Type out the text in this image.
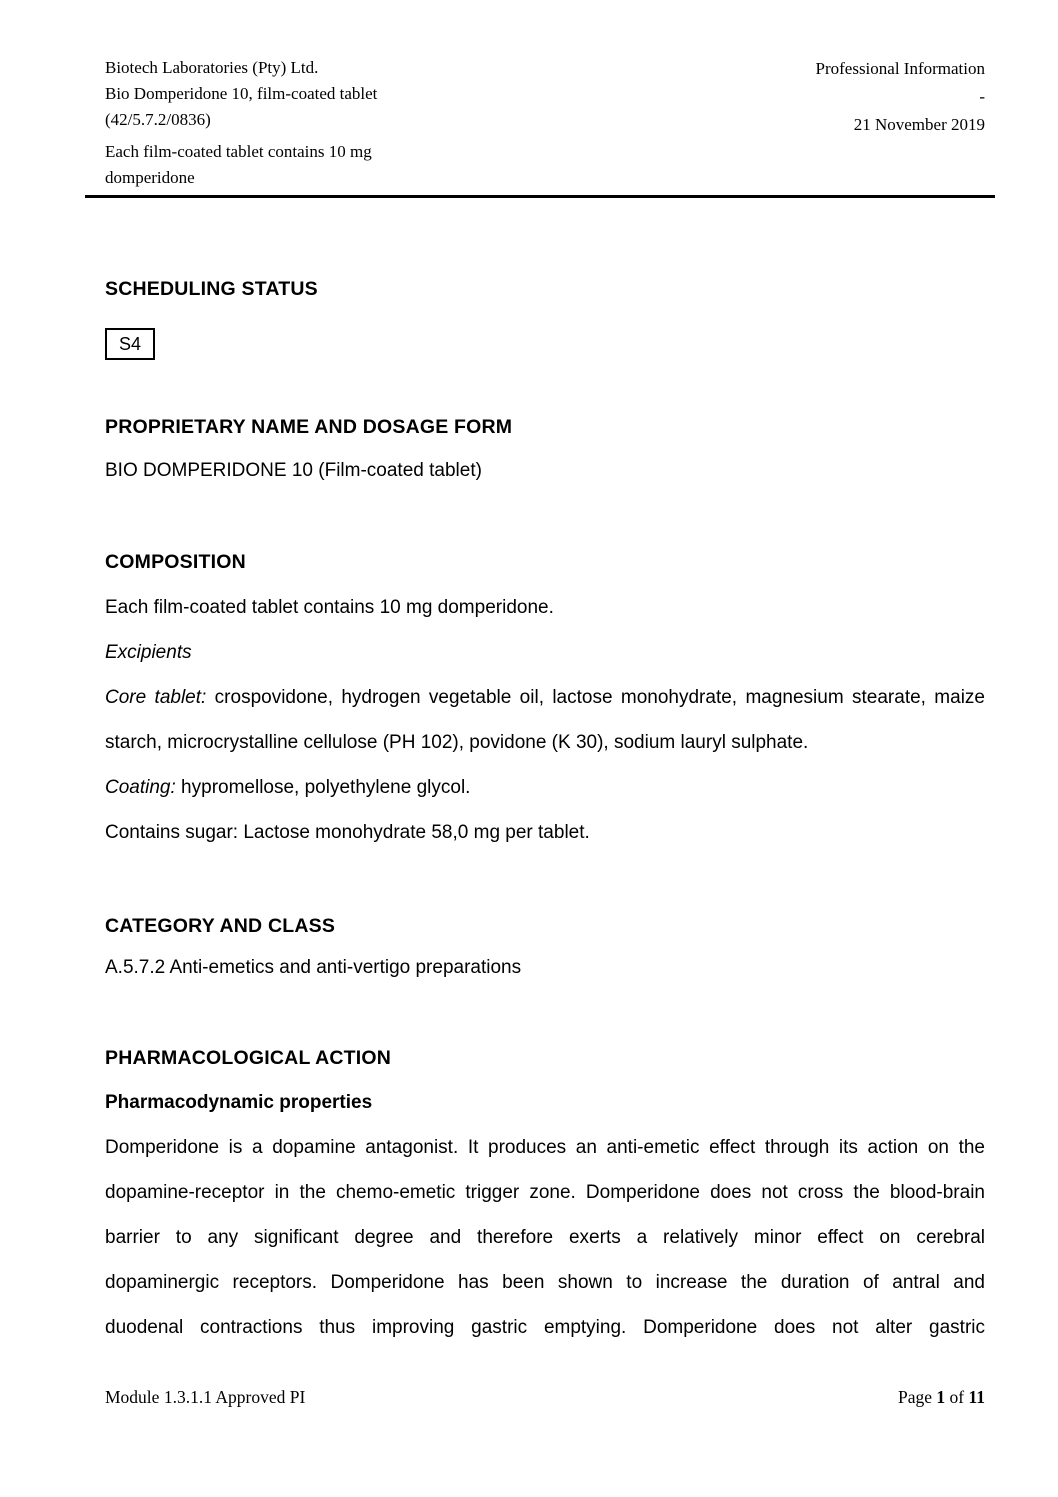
Biotech Laboratories (Pty) Ltd.
Bio Domperidone 10, film-coated tablet
(42/5.7.2/0836)
Each film-coated tablet contains 10 mg domperidone
Professional Information
-
21 November 2019
SCHEDULING STATUS
S4
PROPRIETARY NAME AND DOSAGE FORM
BIO DOMPERIDONE 10 (Film-coated tablet)
COMPOSITION
Each film-coated tablet contains 10 mg domperidone.
Excipients
Core tablet: crospovidone, hydrogen vegetable oil, lactose monohydrate, magnesium stearate, maize
starch, microcrystalline cellulose (PH 102), povidone (K 30), sodium lauryl sulphate.
Coating: hypromellose, polyethylene glycol.
Contains sugar: Lactose monohydrate 58,0 mg per tablet.
CATEGORY AND CLASS
A.5.7.2 Anti-emetics and anti-vertigo preparations
PHARMACOLOGICAL ACTION
Pharmacodynamic properties
Domperidone is a dopamine antagonist. It produces an anti-emetic effect through its action on the
dopamine-receptor in the chemo-emetic trigger zone. Domperidone does not cross the blood-brain
barrier to any significant degree and therefore exerts a relatively minor effect on cerebral
dopaminergic receptors. Domperidone has been shown to increase the duration of antral and
duodenal contractions thus improving gastric emptying. Domperidone does not alter gastric
Module 1.3.1.1 Approved PI	Page 1 of 11
